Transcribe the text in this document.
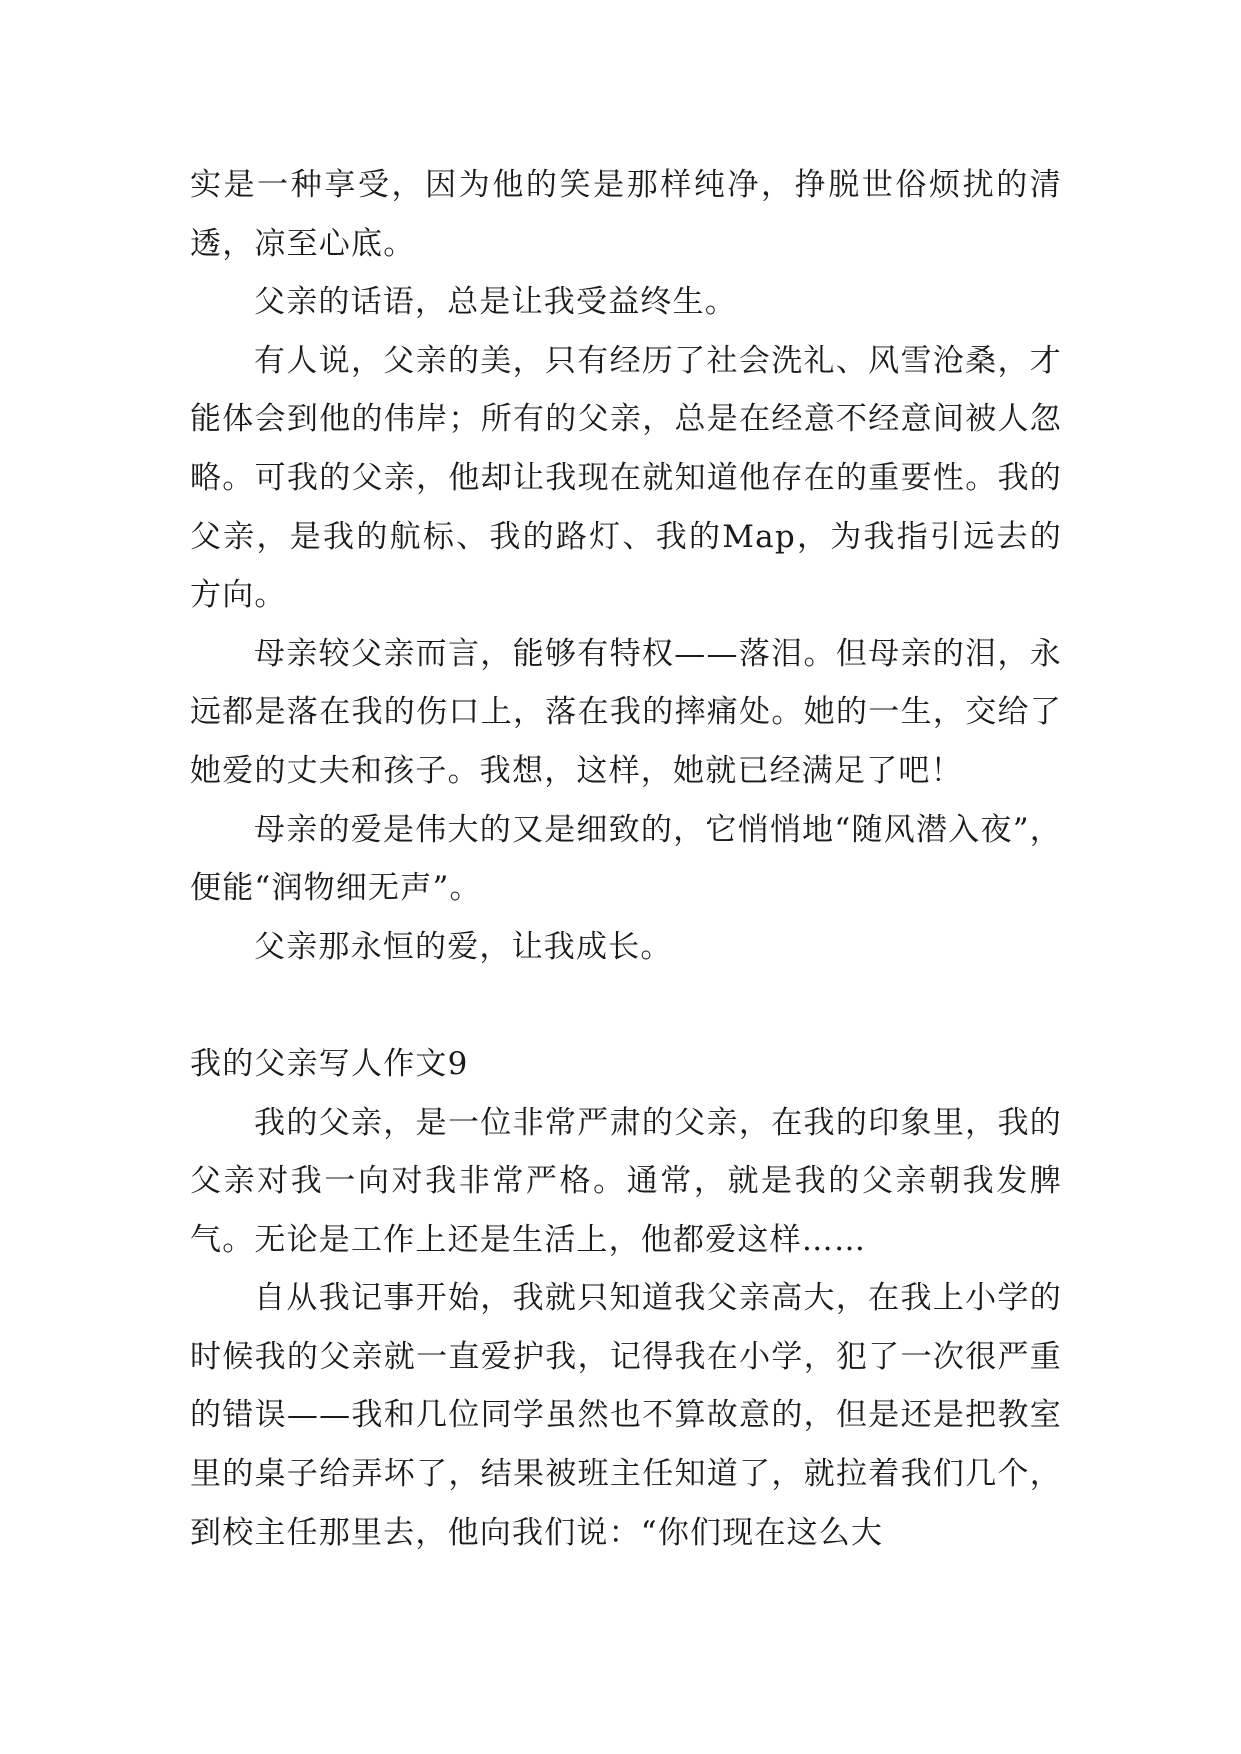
实是一种享受，因为他的笑是那样纯净，挣脱世俗烦扰的清透，凉至心底。

父亲的话语，总是让我受益终生。

有人说，父亲的美，只有经历了社会洗礼、风雪沧桑，才能体会到他的伟岸；所有的父亲，总是在经意不经意间被人忽略。可我的父亲，他却让我现在就知道他存在的重要性。我的父亲，是我的航标、我的路灯、我的Map，为我指引远去的方向。

母亲较父亲而言，能够有特权——落泪。但母亲的泪，永远都是落在我的伤口上，落在我的摔痛处。她的一生，交给了她爱的丈夫和孩子。我想，这样，她就已经满足了吧！

母亲的爱是伟大的又是细致的，它悄悄地“随风潜入夜”，便能“润物细无声”。

父亲那永恒的爱，让我成长。

我的父亲写人作文9

我的父亲，是一位非常严肃的父亲，在我的印象里，我的父亲对我一向对我非常严格。通常，就是我的父亲朝我发脾气。无论是工作上还是生活上，他都爱这样……

自从我记事开始，我就只知道我父亲高大，在我上小学的时候我的父亲就一直爱护我，记得我在小学，犯了一次很严重的错误——我和几位同学虽然也不算故意的，但是还是把教室里的桌子给弄坏了，结果被班主任知道了，就拉着我们几个，到校主任那里去，他向我们说：“你们现在这么大
